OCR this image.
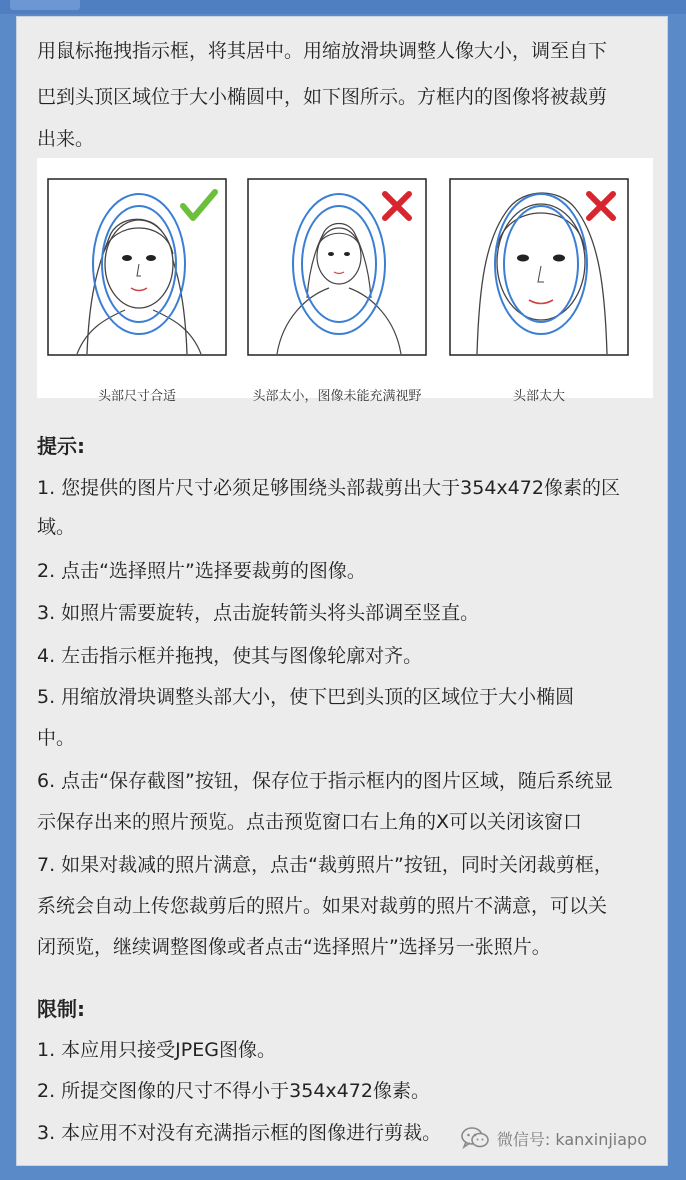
用鼠标拖拽指示框，将其居中。用缩放滑块调整人像大小，调至自下
巴到头顶区域位于大小椭圆中，如下图所示。方框内的图像将被裁剪
出来。
头部尺寸合适	头部太小，图像未能充满视野	头部太大
提示:
1. 您提供的图片尺寸必须足够围绕头部裁剪出大于354x472像素的区
域。
2. 点击“选择照片”选择要裁剪的图像。
3. 如照片需要旋转，点击旋转箭头将头部调至竖直。
4. 左击指示框并拖拽，使其与图像轮廓对齐。
5. 用缩放滑块调整头部大小，使下巴到头顶的区域位于大小椭圆
中。
6. 点击“保存截图”按钮，保存位于指示框内的图片区域，随后系统显
示保存出来的照片预览。点击预览窗口右上角的X可以关闭该窗口
7. 如果对裁减的照片满意，点击“裁剪照片”按钮，同时关闭裁剪框，
系统会自动上传您裁剪后的照片。如果对裁剪的照片不满意，可以关
闭预览，继续调整图像或者点击“选择照片”选择另一张照片。
限制:
1. 本应用只接受JPEG图像。
2. 所提交图像的尺寸不得小于354x472像素。
3. 本应用不对没有充满指示框的图像进行剪裁。	微信号: kanxinjiapo
